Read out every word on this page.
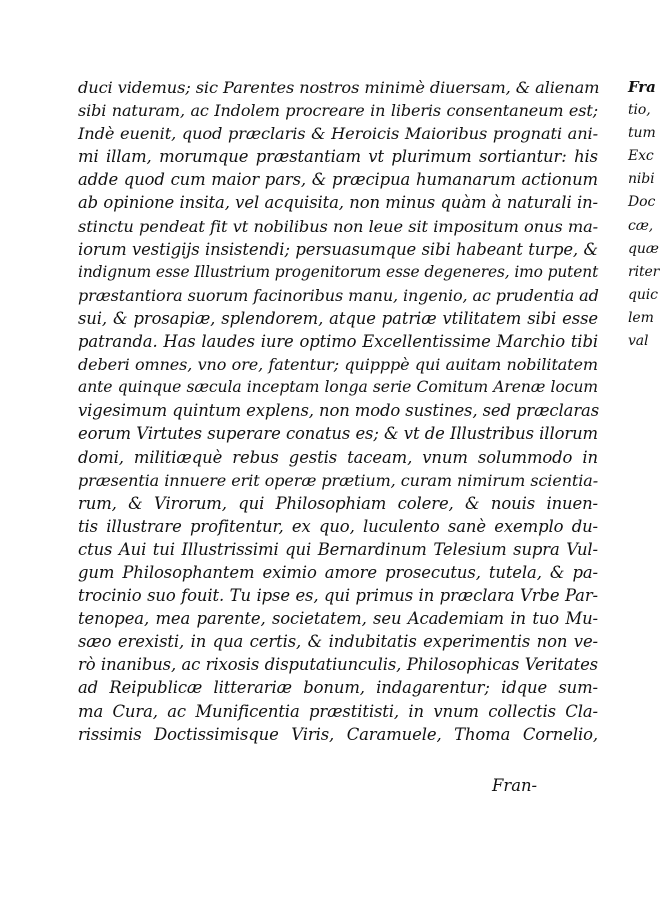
duci videmus; sic Parentes nostros minimè diuersam, & alienam
sibi naturam, ac Indolem procreare in liberis consentaneum est;
Indè euenit, quod præclaris & Heroicis Maioribus prognati ani-
mi illam, morumque præstantiam vt plurimum sortiantur: his
adde quod cum maior pars, & præcipua humanarum actionum
ab opinione insita, vel acquisita, non minus quàm à naturali in-
stinctu pendeat fit vt nobilibus non leue sit impositum onus ma-
iorum vestigijs insistendi; persuasumque sibi habeant turpe, &
indignum esse Illustrium progenitorum esse degeneres, imo putent
præstantiora suorum facinoribus manu, ingenio, ac prudentia ad
sui, & prosapiæ, splendorem, atque patriæ vtilitatem sibi esse
patranda. Has laudes iure optimo Excellentissime Marchio tibi
deberi omnes, vno ore, fatentur; quipppè qui auitam nobilitatem
ante quinque sæcula inceptam longa serie Comitum Arenæ locum
vigesimum quintum explens, non modo sustines, sed præclaras
eorum Virtutes superare conatus es; & vt de Illustribus illorum
domi, militiæquè rebus gestis taceam, vnum solummodo in
præsentia innuere erit operæ prætium, curam nimirum scientia-
rum, & Virorum, qui Philosophiam colere, & nouis inuen-
tis illustrare profitentur, ex quo, luculento sanè exemplo du-
ctus Aui tui Illustrissimi qui Bernardinum Telesium supra Vul-
gum Philosophantem eximio amore prosecutus, tutela, & pa-
trocinio suo fouit. Tu ipse es, qui primus in præclara Vrbe Par-
tenopea, mea parente, societatem, seu Academiam in tuo Mu-
sæo erexisti, in qua certis, & indubitatis experimentis non ve-
rò inanibus, ac rixosis disputatiunculis, Philosophicas Veritates
ad Reipublicæ litterariæ bonum, indagarentur; idque sum-
ma Cura, ac Munificentia præstitisti, in vnum collectis Cla-
rissimis Doctissimisque Viris, Caramuele, Thoma Cornelio,
Fran-
Fra
tio,
tum
Exc
nibi
Doc
cæ,
quæ
riter
quic
lem
val
